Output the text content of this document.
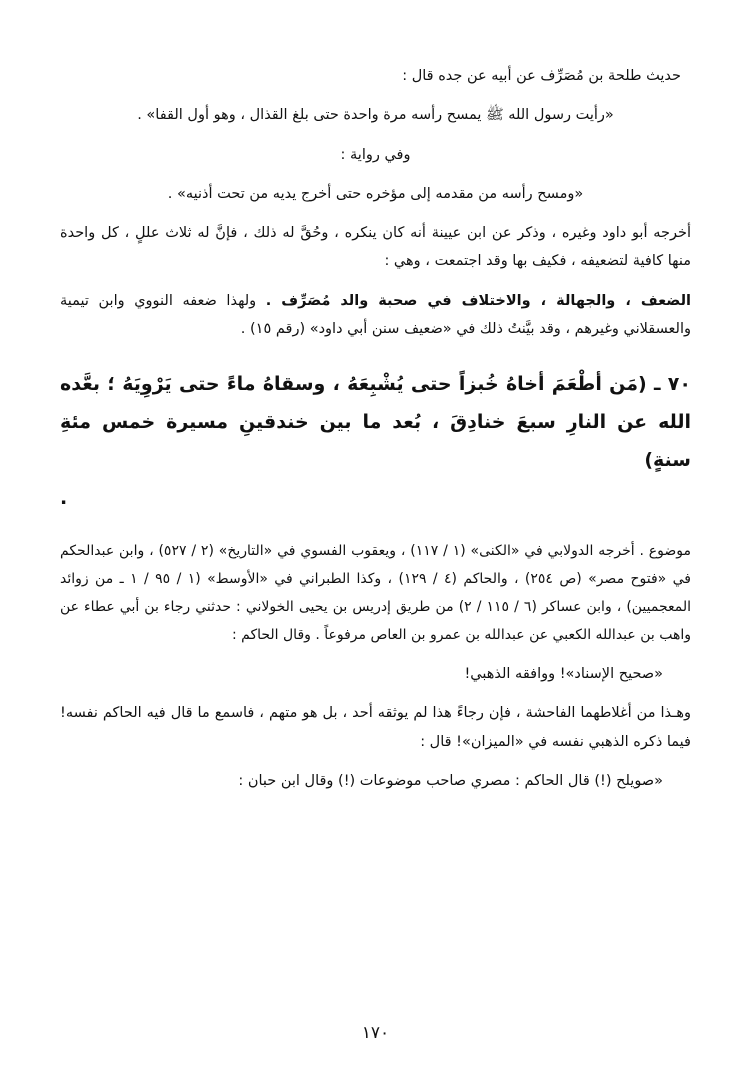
حديث طلحة بن مُصَرِّف عن أبيه عن جده قال :

«رأيت رسول الله ﷺ يمسح رأسه مرة واحدة حتى بلغ القذال ، وهو أول القفا» .

وفي رواية :

«ومسح رأسه من مقدمه إلى مؤخره حتى أخرج يديه من تحت أذنيه» .

أخرجه أبو داود وغيره ، وذكر عن ابن عيينة أنه كان ينكره ، وحُقَّ له ذلك ، فإنَّ له ثلاث عللٍ ، كل واحدة منها كافية لتضعيفه ، فكيف بها وقد اجتمعت ، وهي :

الضعف ، والجهالة ، والاختلاف في صحبة والد مُصَرِّف . ولهذا ضعفه النووي وابن تيمية والعسقلاني وغيرهم ، وقد بيَّنتُ ذلك في «ضعيف سنن أبي داود» (رقم ١٥) .

٧٠ ـ (مَن أطْعَمَ أخاهُ خُبزاً حتى يُشْبِعَهُ ، وسقاهُ ماءً حتى يَرْوِيَهُ ؛ بعَّده الله عن النارِ سبعَ خنادِقَ ، بُعد ما بين خندقينِ مسيرة خمس مئةِ سنةٍ)
.

موضوع . أخرجه الدولابي في «الكنى» (١ / ١١٧) ، ويعقوب الفسوي في «التاريخ» (٢ / ٥٢٧) ، وابن عبدالحكم في «فتوح مصر» (ص ٢٥٤) ، والحاكم (٤ / ١٢٩) ، وكذا الطبراني في «الأوسط» (١ / ٩٥ / ١ ـ من زوائد المعجميين) ، وابن عساكر (٦ / ١١٥ / ٢) من طريق إدريس بن يحيى الخولاني : حدثني رجاء بن أبي عطاء عن واهب بن عبدالله الكعبي عن عبدالله بن عمرو بن العاص مرفوعاً . وقال الحاكم :

«صحيح الإسناد»! ووافقه الذهبي!

وهـذا من أغلاطهما الفاحشة ، فإن رجاءً هذا لم يوثقه أحد ، بل هو متهم ، فاسمع ما قال فيه الحاكم نفسه! فيما ذكره الذهبي نفسه في «الميزان»! قال :

«صويلح (!) قال الحاكم : مصري صاحب موضوعات (!) وقال ابن حبان :

١٧٠
